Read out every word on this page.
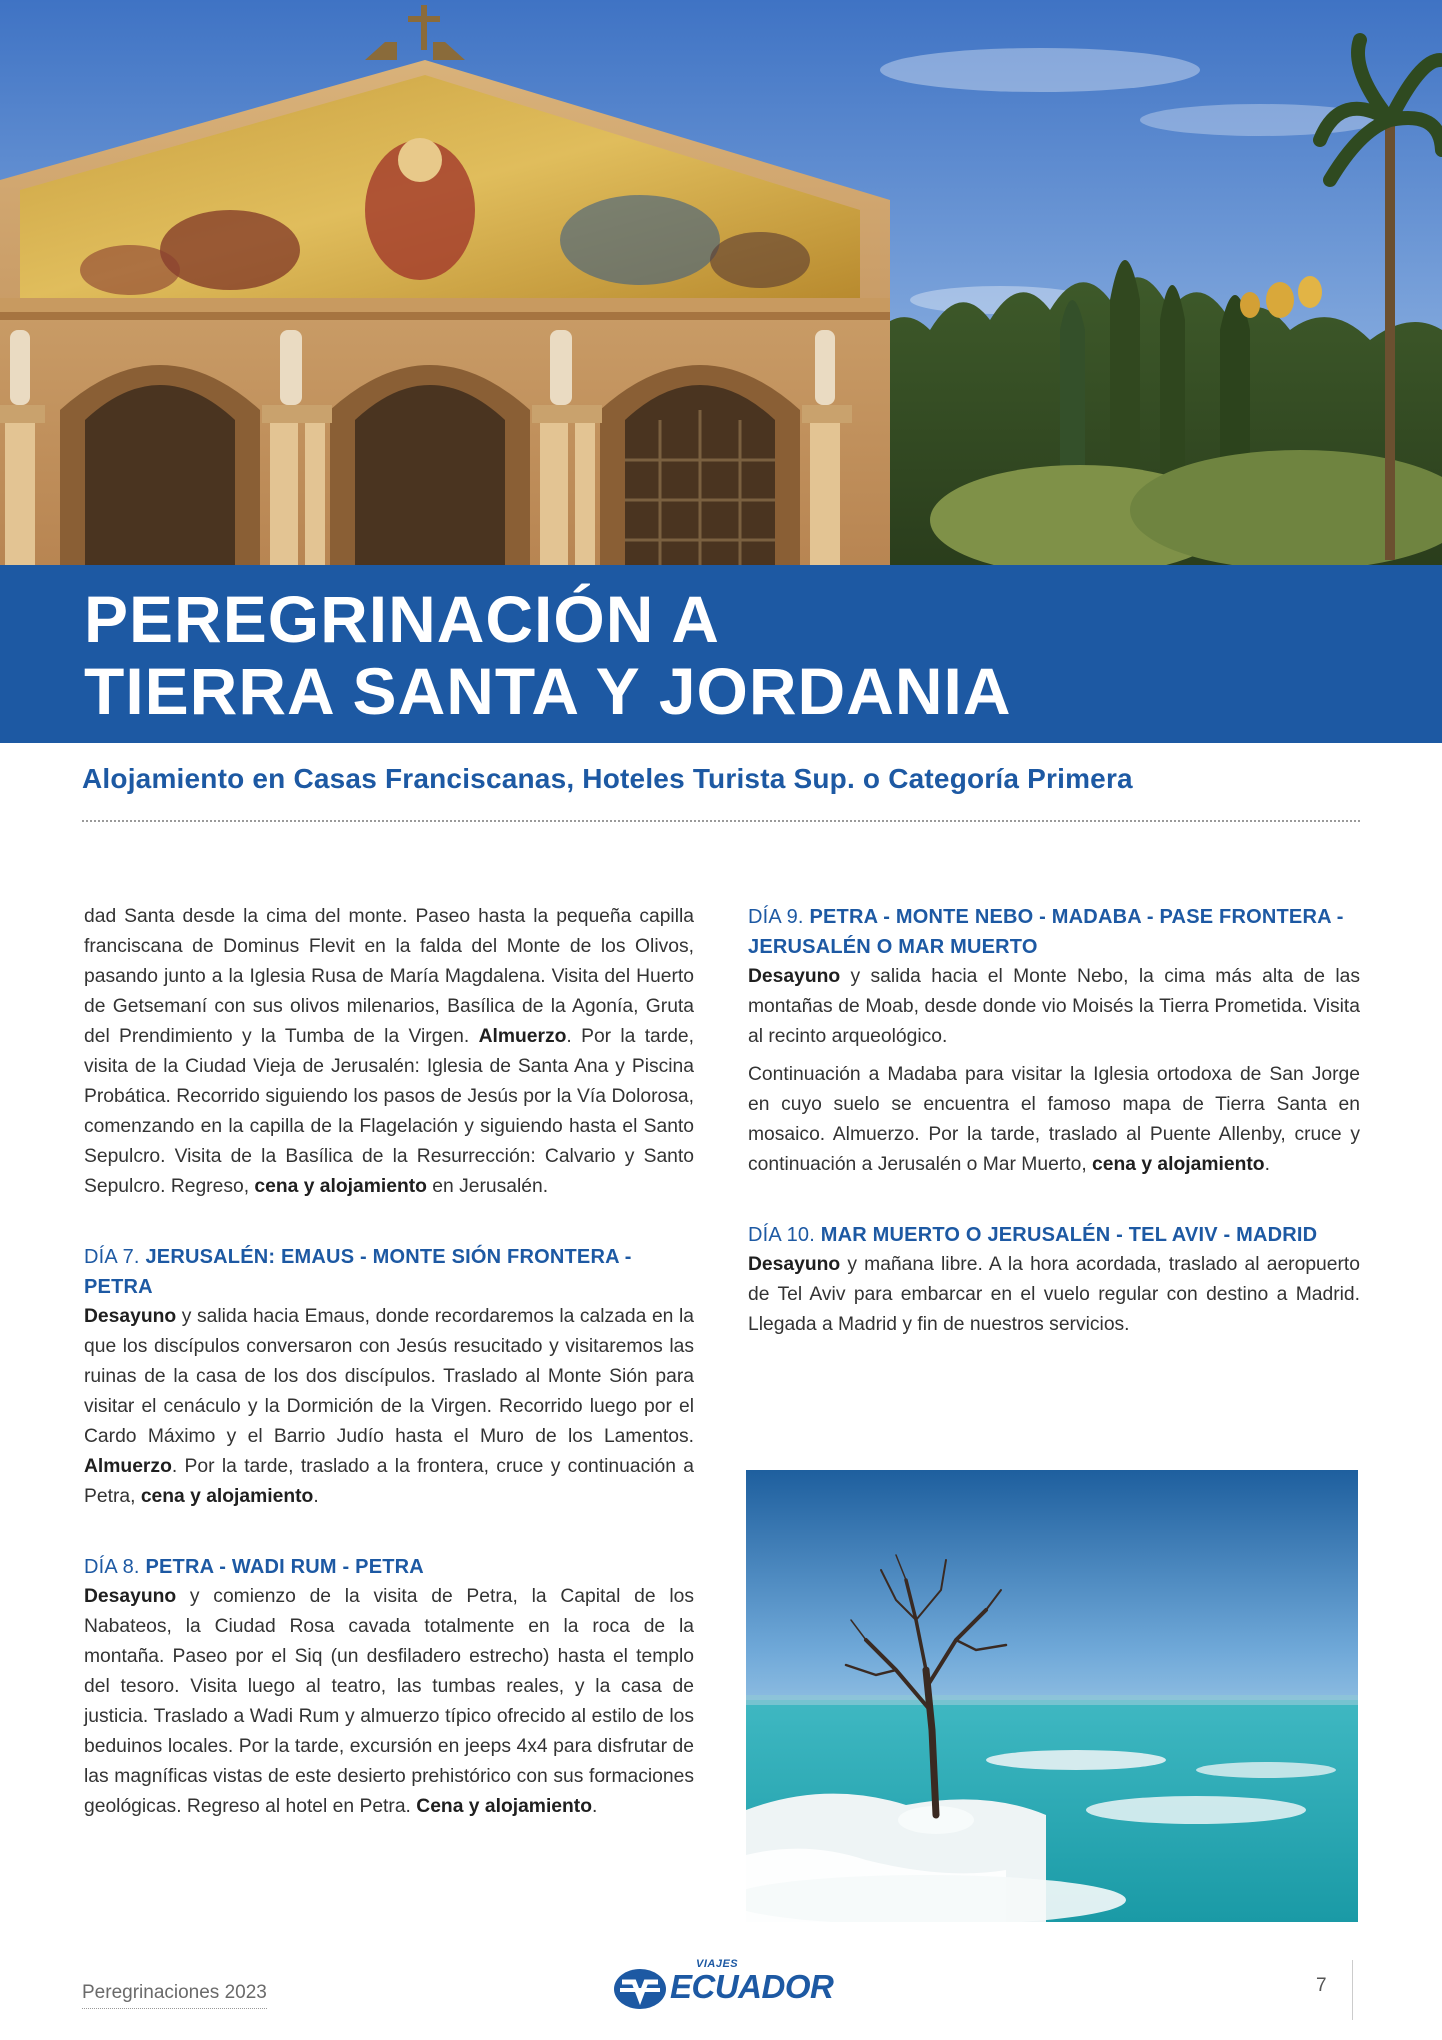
PEREGRINACIÓN A
TIERRA SANTA Y JORDANIA
Alojamiento en Casas Franciscanas, Hoteles Turista Sup. o Categoría Primera

dad Santa desde la cima del monte. Paseo hasta la pequeña capilla franciscana de Dominus Flevit en la falda del Monte de los Olivos, pasando junto a la Iglesia Rusa de María Magdalena. Visita del Huerto de Getsemaní con sus olivos milenarios, Basílica de la Agonía, Gruta del Prendimiento y la Tumba de la Virgen. Almuerzo. Por la tarde, visita de la Ciudad Vieja de Jerusalén: Iglesia de Santa Ana y Piscina Probática. Recorrido siguiendo los pasos de Jesús por la Vía Dolorosa, comenzando en la capilla de la Flagelación y siguiendo hasta el Santo Sepulcro. Visita de la Basílica de la Resurrección: Calvario y Santo Sepulcro. Regreso, cena y alojamiento en Jerusalén.

DÍA 7. JERUSALÉN: EMAUS - MONTE SIÓN FRONTERA - PETRA

Desayuno y salida hacia Emaus, donde recordaremos la calzada en la que los discípulos conversaron con Jesús resucitado y visitaremos las ruinas de la casa de los dos discípulos. Traslado al Monte Sión para visitar el cenáculo y la Dormición de la Virgen. Recorrido luego por el Cardo Máximo y el Barrio Judío hasta el Muro de los Lamentos. Almuerzo. Por la tarde, traslado a la frontera, cruce y continuación a Petra, cena y alojamiento.

DÍA 8. PETRA - WADI RUM - PETRA

Desayuno y comienzo de la visita de Petra, la Capital de los Nabateos, la Ciudad Rosa cavada totalmente en la roca de la montaña. Paseo por el Siq (un desfiladero estrecho) hasta el templo del tesoro. Visita luego al teatro, las tumbas reales, y la casa de justicia. Traslado a Wadi Rum y almuerzo típico ofrecido al estilo de los beduinos locales. Por la tarde, excursión en jeeps 4x4 para disfrutar de las magníficas vistas de este desierto prehistórico con sus formaciones geológicas. Regreso al hotel en Petra. Cena y alojamiento.

DÍA 9. PETRA - MONTE NEBO - MADABA - PASE FRONTERA - JERUSALÉN O MAR MUERTO

Desayuno y salida hacia el Monte Nebo, la cima más alta de las montañas de Moab, desde donde vio Moisés la Tierra Prometida. Visita al recinto arqueológico.

Continuación a Madaba para visitar la Iglesia ortodoxa de San Jorge en cuyo suelo se encuentra el famoso mapa de Tierra Santa en mosaico. Almuerzo. Por la tarde, traslado al Puente Allenby, cruce y continuación a Jerusalén o Mar Muerto, cena y alojamiento.

DÍA 10. MAR MUERTO O JERUSALÉN - TEL AVIV - MADRID

Desayuno y mañana libre. A la hora acordada, traslado al aeropuerto de Tel Aviv para embarcar en el vuelo regular con destino a Madrid. Llegada a Madrid y fin de nuestros servicios.

Peregrinaciones 2023
VIAJES
ECUADOR	7
